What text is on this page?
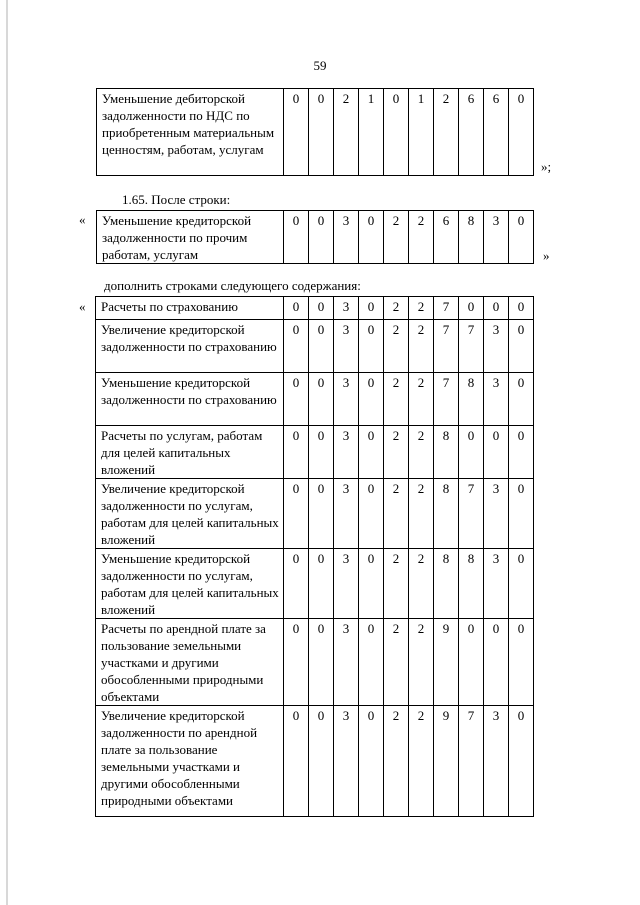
59
Уменьшение дебиторской задолженности по НДС по приобретенным материальным ценностям, работам, услугам	0	0	2	1	0	1	2	6	6	0
»;
1.65. После строки:
« Уменьшение кредиторской задолженности по прочим работам, услугам	0	0	3	0	2	2	6	8	3	0
»
дополнить строками следующего содержания:
« Расчеты по страхованию	0	0	3	0	2	2	7	0	0	0
Увеличение кредиторской задолженности по страхованию	0	0	3	0	2	2	7	7	3	0
Уменьшение кредиторской задолженности по страхованию	0	0	3	0	2	2	7	8	3	0
Расчеты по услугам, работам для целей капитальных вложений	0	0	3	0	2	2	8	0	0	0
Увеличение кредиторской задолженности по услугам, работам для целей капитальных вложений	0	0	3	0	2	2	8	7	3	0
Уменьшение кредиторской задолженности по услугам, работам для целей капитальных вложений	0	0	3	0	2	2	8	8	3	0
Расчеты по арендной плате за пользование земельными участками и другими обособленными природными объектами	0	0	3	0	2	2	9	0	0	0
Увеличение кредиторской задолженности по арендной плате за пользование земельными участками и другими обособленными природными объектами	0	0	3	0	2	2	9	7	3	0
